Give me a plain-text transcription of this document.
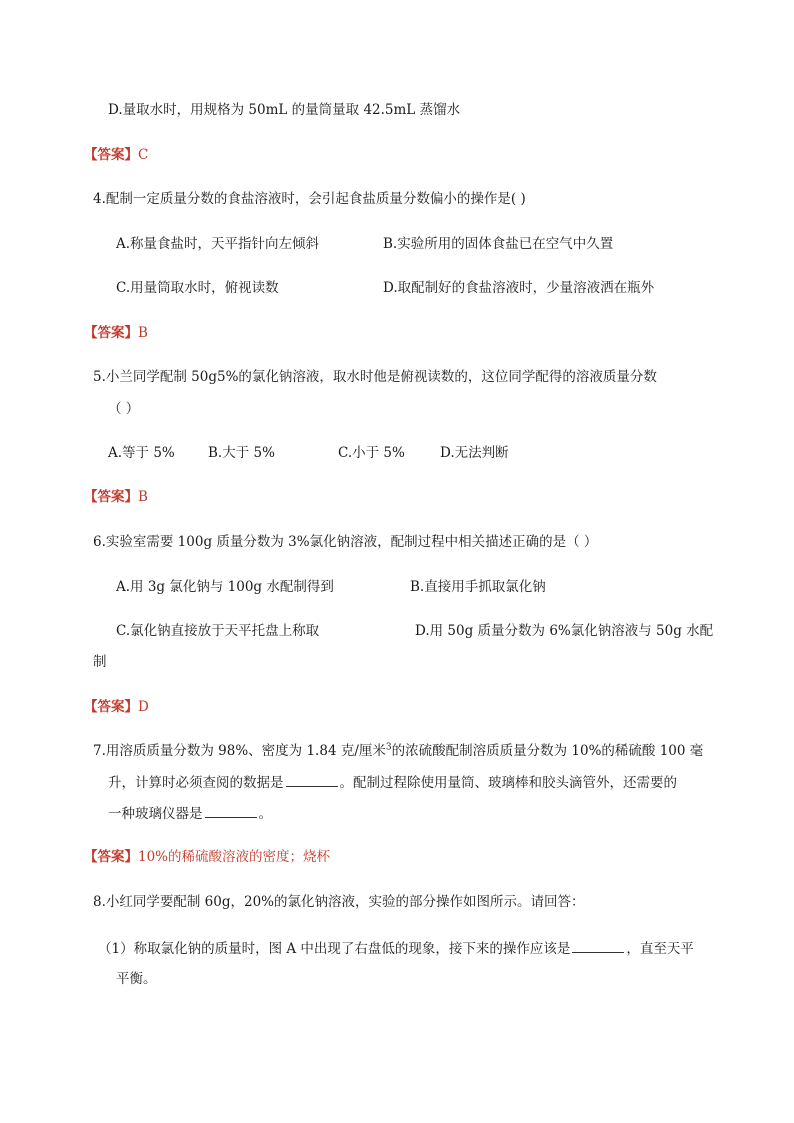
D.量取水时，用规格为 50mL 的量筒量取 42.5mL 蒸馏水
【答案】C
4.配制一定质量分数的食盐溶液时，会引起食盐质量分数偏小的操作是( )
A.称量食盐时，天平指针向左倾斜	B.实验所用的固体食盐已在空气中久置
C.用量筒取水时，俯视读数	D.取配制好的食盐溶液时，少量溶液洒在瓶外
【答案】B
5.小兰同学配制 50g5%的氯化钠溶液，取水时他是俯视读数的，这位同学配得的溶液质量分数
（ ）
A.等于 5% B.大于 5%	C.小于 5%	D.无法判断
【答案】B
6.实验室需要 100g 质量分数为 3%氯化钠溶液，配制过程中相关描述正确的是（ ）
A.用 3g 氯化钠与 100g 水配制得到	B.直接用手抓取氯化钠
C.氯化钠直接放于天平托盘上称取	D.用 50g 质量分数为 6%氯化钠溶液与 50g 水配
制
【答案】D
7.用溶质质量分数为 98%、密度为 1.84 克/厘米$^3$的浓硫酸配制溶质质量分数为 10%的稀硫酸 100 毫
升，计算时必须查阅的数据是	。配制过程除使用量筒、玻璃棒和胶头滴管外，还需要的
一种玻璃仪器是	。
【答案】10%的稀硫酸溶液的密度；烧杯
8.小红同学要配制 60g，20%的氯化钠溶液，实验的部分操作如图所示。请回答：
（1）称取氯化钠的质量时，图 A 中出现了右盘低的现象，接下来的操作应该是	，直至天平
平衡。
